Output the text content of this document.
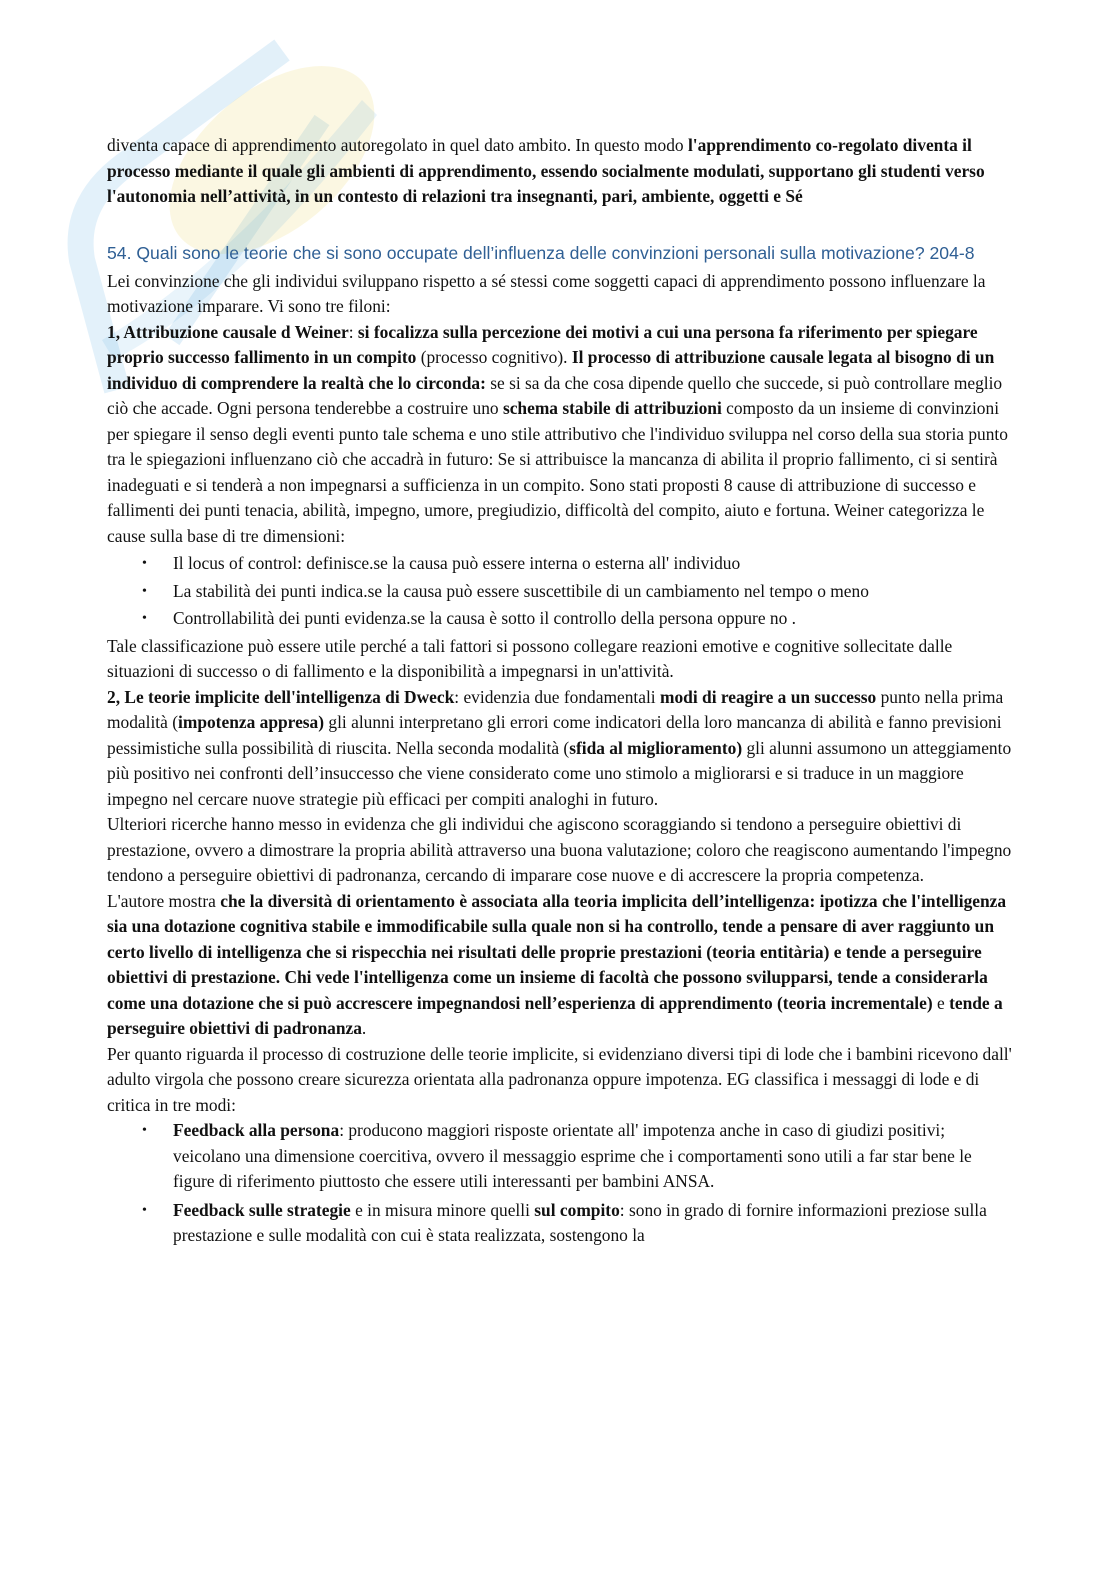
diventa capace di apprendimento autoregolato in quel dato ambito. In questo modo l'apprendimento co-regolato diventa il processo mediante il quale gli ambienti di apprendimento, essendo socialmente modulati, supportano gli studenti verso l'autonomia nell’attività, in un contesto di relazioni tra insegnanti, pari, ambiente, oggetti e Sé

54. Quali sono le teorie che si sono occupate dell’influenza delle convinzioni personali sulla motivazione? 204-8

Lei convinzione che gli individui sviluppano rispetto a sé stessi come soggetti capaci di apprendimento possono influenzare la motivazione imparare. Vi sono tre filoni:

1, Attribuzione causale d Weiner: si focalizza sulla percezione dei motivi a cui una persona fa riferimento per spiegare proprio successo fallimento in un compito (processo cognitivo). Il processo di attribuzione causale legata al bisogno di un individuo di comprendere la realtà che lo circonda: se si sa da che cosa dipende quello che succede, si può controllare meglio ciò che accade. Ogni persona tenderebbe a costruire uno schema stabile di attribuzioni composto da un insieme di convinzioni per spiegare il senso degli eventi punto tale schema e uno stile attributivo che l'individuo sviluppa nel corso della sua storia punto tra le spiegazioni influenzano ciò che accadrà in futuro: Se si attribuisce la mancanza di abilita il proprio fallimento, ci si sentirà inadeguati e si tenderà a non impegnarsi a sufficienza in un compito. Sono stati proposti 8 cause di attribuzione di successo e fallimenti dei punti tenacia, abilità, impegno, umore, pregiudizio, difficoltà del compito, aiuto e fortuna. Weiner categorizza le cause sulla base di tre dimensioni:

• Il locus of control: definisce.se la causa può essere interna o esterna all' individuo
• La stabilità dei punti indica.se la causa può essere suscettibile di un cambiamento nel tempo o meno
• Controllabilità dei punti evidenza.se la causa è sotto il controllo della persona oppure no .

Tale classificazione può essere utile perché a tali fattori si possono collegare reazioni emotive e cognitive sollecitate dalle situazioni di successo o di fallimento e la disponibilità a impegnarsi in un'attività.

2, Le teorie implicite dell'intelligenza di Dweck: evidenzia due fondamentali modi di reagire a un successo punto nella prima modalità (impotenza appresa) gli alunni interpretano gli errori come indicatori della loro mancanza di abilità e fanno previsioni pessimistiche sulla possibilità di riuscita. Nella seconda modalità (sfida al miglioramento) gli alunni assumono un atteggiamento più positivo nei confronti dell’insuccesso che viene considerato come uno stimolo a migliorarsi e si traduce in un maggiore impegno nel cercare nuove strategie più efficaci per compiti analoghi in futuro.

Ulteriori ricerche hanno messo in evidenza che gli individui che agiscono scoraggiando si tendono a perseguire obiettivi di prestazione, ovvero a dimostrare la propria abilità attraverso una buona valutazione; coloro che reagiscono aumentando l'impegno tendono a perseguire obiettivi di padronanza, cercando di imparare cose nuove e di accrescere la propria competenza.

L'autore mostra che la diversità di orientamento è associata alla teoria implicita dell’intelligenza: ipotizza che l'intelligenza sia una dotazione cognitiva stabile e immodificabile sulla quale non si ha controllo, tende a pensare di aver raggiunto un certo livello di intelligenza che si rispecchia nei risultati delle proprie prestazioni (teoria entitària) e tende a perseguire obiettivi di prestazione. Chi vede l'intelligenza come un insieme di facoltà che possono svilupparsi, tende a considerarla come una dotazione che si può accrescere impegnandosi nell’esperienza di apprendimento (teoria incrementale) e tende a perseguire obiettivi di padronanza.

Per quanto riguarda il processo di costruzione delle teorie implicite, si evidenziano diversi tipi di lode che i bambini ricevono dall' adulto virgola che possono creare sicurezza orientata alla padronanza oppure impotenza. EG classifica i messaggi di lode e di critica in tre modi:

• Feedback alla persona: producono maggiori risposte orientate all' impotenza anche in caso di giudizi positivi; veicolano una dimensione coercitiva, ovvero il messaggio esprime che i comportamenti sono utili a far star bene le figure di riferimento piuttosto che essere utili interessanti per bambini ANSA.
• Feedback sulle strategie e in misura minore quelli sul compito: sono in grado di fornire informazioni preziose sulla prestazione e sulle modalità con cui è stata realizzata, sostengono la
